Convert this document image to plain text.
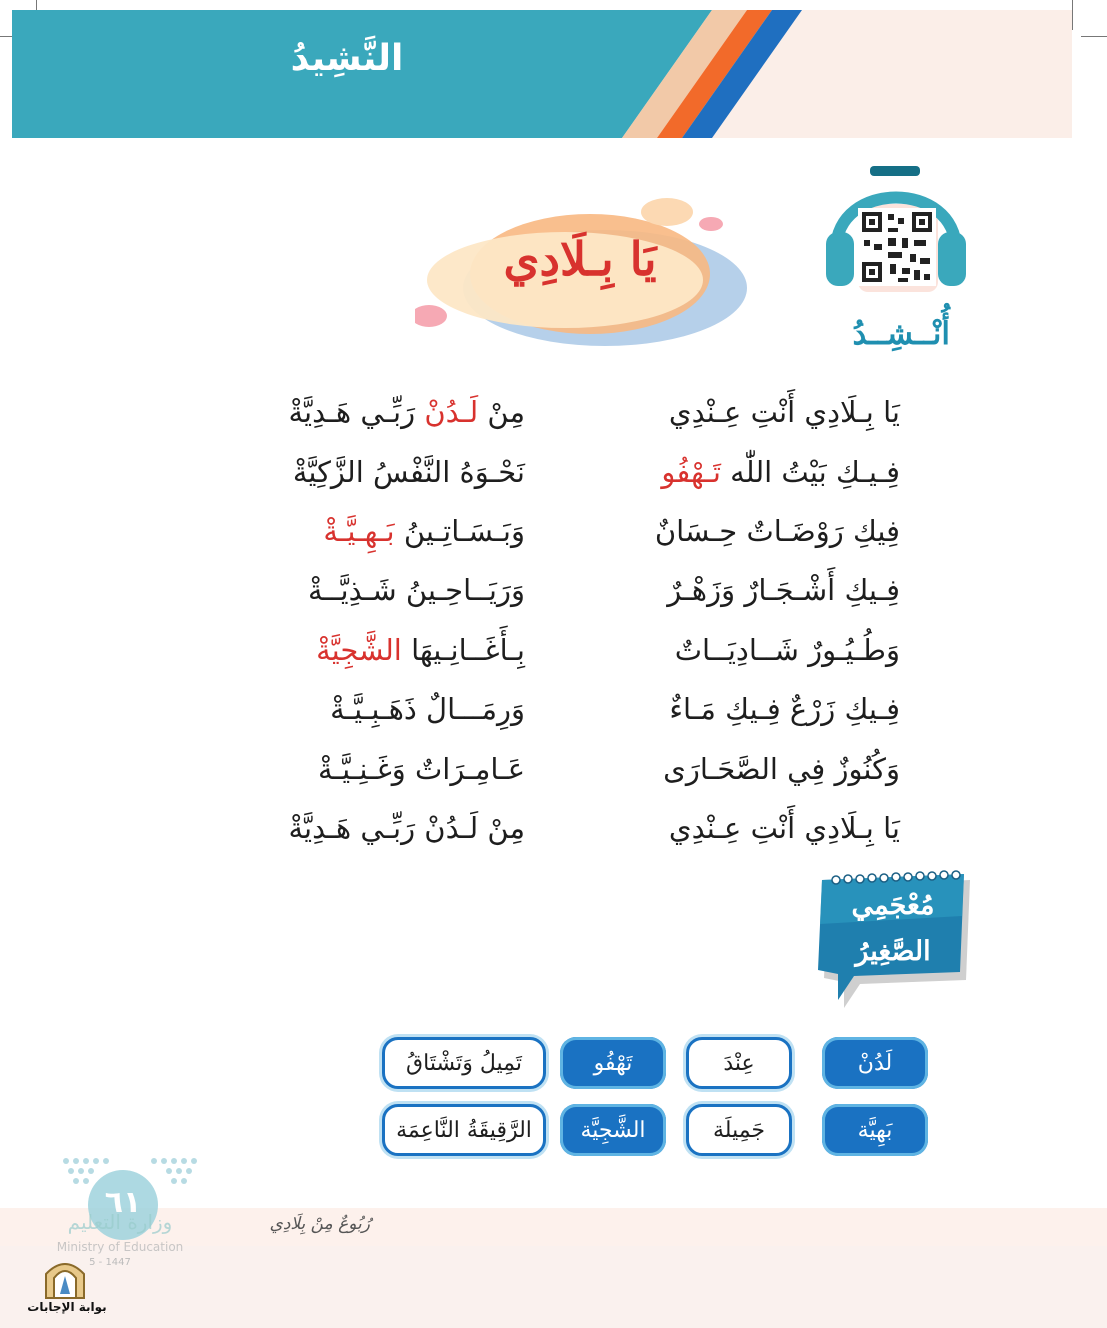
النَّشِيدُ
أُنْــشِــدُ
يَا بِـلَادِي
يَا بِـلَادِي أَنْتِ عِـنْدِي
مِنْ لَـدُنْ رَبِّـي هَـدِيَّةْ
فِـيـكِ بَيْتُ اللّٰه تَـهْفُو
نَحْـوَهُ النَّفْسُ الزَّكِيَّةْ
فِيكِ رَوْضَـاتٌ حِـسَانٌ
وَبَـسَـاتِـينُ بَـهِـيَّـةْ
فِـيكِ أَشْـجَـارٌ وَزَهْـرٌ
وَرَيَــاحِـينُ شَـذِيَّــةْ
وَطُـيُـورٌ شَــادِيَــاتٌ
بِـأَغَــانِـيهَا الشَّجِيَّةْ
فِـيكِ زَرْعٌ فِـيكِ مَـاءٌ
وَرِمَـــالٌ ذَهَـبِـيَّـةْ
وَكُنُوزٌ فِي الصَّحَـارَى
عَـامِـرَاتٌ وَغَـنِـيَّـةْ
يَا بِـلَادِي أَنْتِ عِـنْدِي
مِنْ لَـدُنْ رَبِّـي هَـدِيَّةْ
مُعْجَمِي
الصَّغِيرُ
لَدُنْ
عِنْدَ
تَهْفُو
تَمِيلُ وَتَشْتَاقُ
بَهِيَّة
جَمِيلَة
الشَّجِيَّة
الرَّقِيقَةُ النَّاعِمَة
رُبُوعٌ مِنْ بِلَادِي
٦١
وزارة التعليم
Ministry of Education
5 - 1447
بوابة الإجابات
